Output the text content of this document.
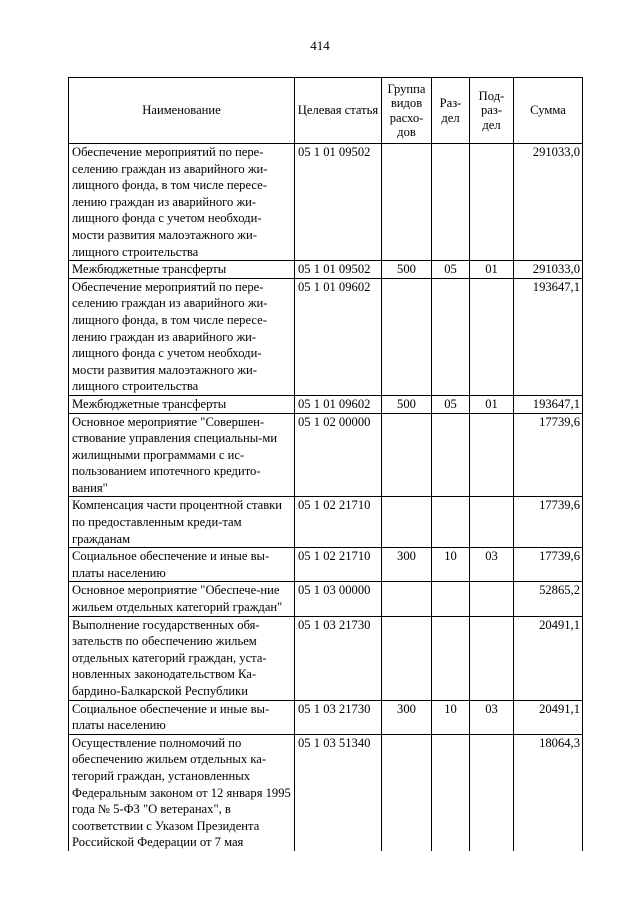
414
Наименование	Целевая статья	Группа видов расхо-дов	Раз-дел	Под-раз-дел	Сумма
Обеспечение мероприятий по пере-селению граждан из аварийного жи-лищного фонда, в том числе пересе-лению граждан из аварийного жи-лищного фонда с учетом необходи-мости развития малоэтажного жи-лищного строительства	05 1 01 09502				291033,0
Межбюджетные трансферты	05 1 01 09502	500	05	01	291033,0
Обеспечение мероприятий по пере-селению граждан из аварийного жи-лищного фонда, в том числе пересе-лению граждан из аварийного жи-лищного фонда с учетом необходи-мости развития малоэтажного жи-лищного строительства	05 1 01 09602				193647,1
Межбюджетные трансферты	05 1 01 09602	500	05	01	193647,1
Основное мероприятие "Совершен-ствование управления специальны-ми жилищными программами с ис-пользованием ипотечного кредито-вания"	05 1 02 00000				17739,6
Компенсация части процентной ставки по предоставленным креди-там гражданам	05 1 02 21710				17739,6
Социальное обеспечение и иные вы-платы населению	05 1 02 21710	300	10	03	17739,6
Основное мероприятие "Обеспече-ние жильем отдельных категорий граждан"	05 1 03 00000				52865,2
Выполнение государственных обя-зательств по обеспечению жильем отдельных категорий граждан, уста-новленных законодательством Ка-бардино-Балкарской Республики	05 1 03 21730				20491,1
Социальное обеспечение и иные вы-платы населению	05 1 03 21730	300	10	03	20491,1
Осуществление полномочий по обеспечению жильем отдельных ка-тегорий граждан, установленных Федеральным законом от 12 января 1995 года № 5-ФЗ "О ветеранах", в соответствии с Указом Президента Российской Федерации от 7 мая	05 1 03 51340				18064,3
